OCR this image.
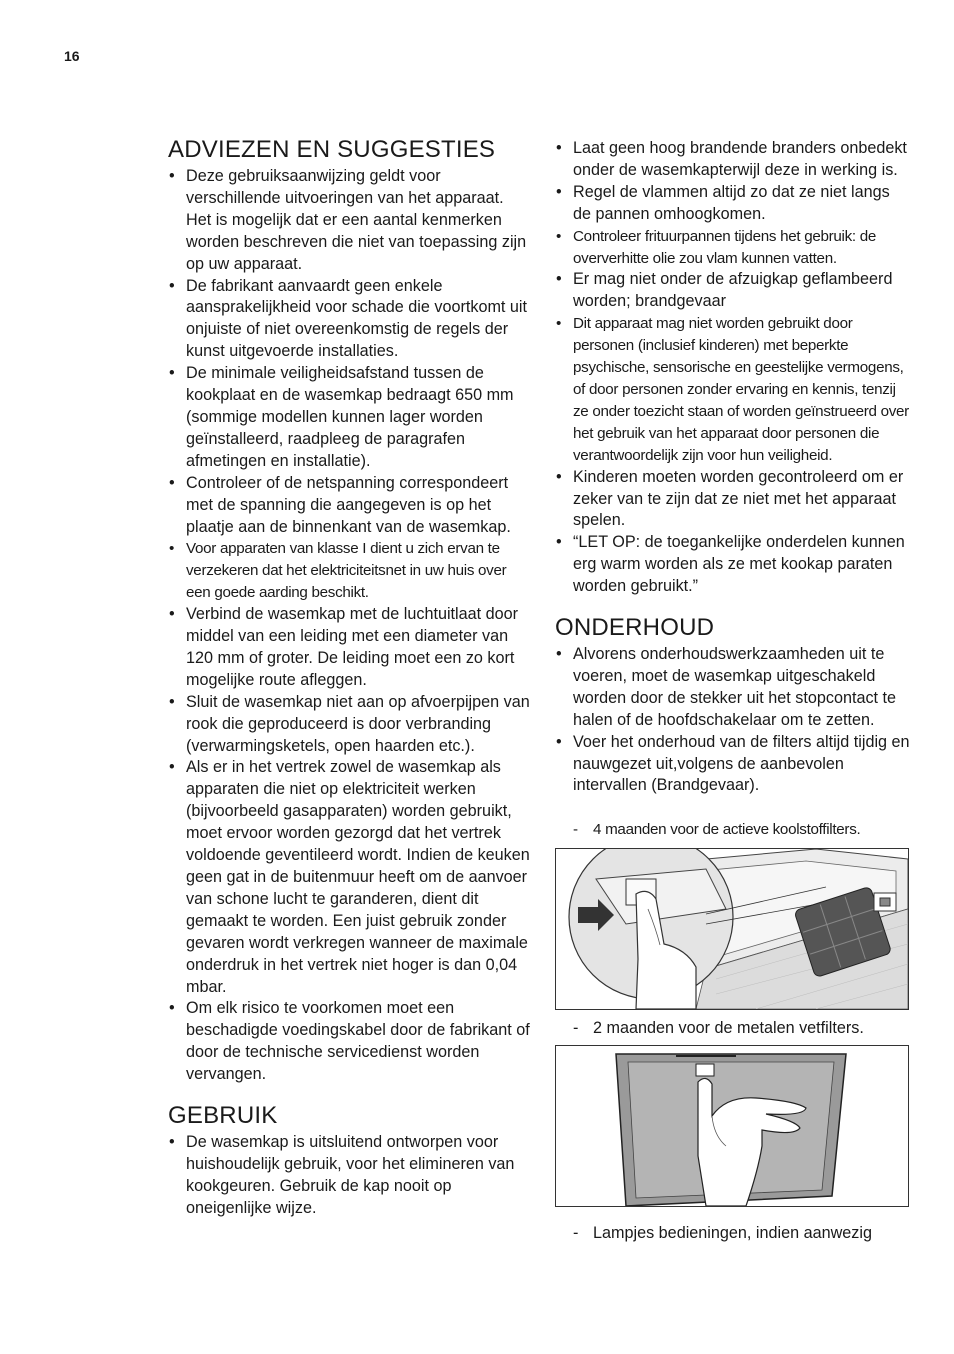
16
ADVIEZEN EN SUGGESTIES
• Deze gebruiksaanwijzing geldt voor verschillende uitvoeringen van het apparaat. Het is mogelijk dat er een aantal kenmerken worden beschreven die niet van toepassing zijn op uw apparaat.
• De fabrikant aanvaardt geen enkele aansprakelijkheid voor schade die voortkomt uit onjuiste of niet overeenkomstig de regels der kunst uitgevoerde installaties.
• De minimale veiligheidsafstand tussen de kookplaat en de wasemkap bedraagt 650 mm (sommige modellen kunnen lager worden geïnstalleerd, raadpleeg de paragrafen afmetingen en installatie).
• Controleer of de netspanning correspondeert met de spanning die aangegeven is op het plaatje aan de binnenkant van de wasemkap.
• Voor apparaten van klasse I dient u zich ervan te verzekeren dat het elektriciteitsnet in uw huis over een goede aarding beschikt.
• Verbind de wasemkap met de luchtuitlaat door middel van een leiding met een diameter van 120 mm of groter. De leiding moet een zo kort mogelijke route afleggen.
• Sluit de wasemkap niet aan op afvoerpijpen van rook die geproduceerd is door verbranding (verwarmingsketels, open haarden etc.).
• Als er in het vertrek zowel de wasemkap als apparaten die niet op elektriciteit werken (bijvoorbeeld gasapparaten) worden gebruikt, moet ervoor worden gezorgd dat het vertrek voldoende geventileerd wordt. Indien de keuken geen gat in de buitenmuur heeft om de aanvoer van schone lucht te garanderen, dient dit gemaakt te worden. Een juist gebruik zonder gevaren wordt verkregen wanneer de maximale onderdruk in het vertrek niet hoger is dan 0,04 mbar.
• Om elk risico te voorkomen moet een beschadigde voedingskabel door de fabrikant of door de technische servicedienst worden vervangen.
GEBRUIK
• De wasemkap is uitsluitend ontworpen voor huishoudelijk gebruik, voor het elimineren van kookgeuren. Gebruik de kap nooit op oneigenlijke wijze.
• Laat geen hoog brandende branders onbedekt onder de wasemkapterwijl deze in werking is.
• Regel de vlammen altijd zo dat ze niet langs de pannen omhoogkomen.
• Controleer frituurpannen tijdens het gebruik: de oververhitte olie zou vlam kunnen vatten.
• Er mag niet onder de afzuigkap geflambeerd worden; brandgevaar
• Dit apparaat mag niet worden gebruikt door personen (inclusief kinderen) met beperkte psychische, sensorische en geestelijke vermogens, of door personen zonder ervaring en kennis, tenzij ze onder toezicht staan of worden geïnstrueerd over het gebruik van het apparaat door personen die verantwoordelijk zijn voor hun veiligheid.
• Kinderen moeten worden gecontroleerd om er zeker van te zijn dat ze niet met het apparaat spelen.
• “LET OP: de toegankelijke onderdelen kunnen erg warm worden als ze met kookap paraten worden gebruikt.”
ONDERHOUD
• Alvorens onderhoudswerkzaamheden uit te voeren, moet de wasemkap uitgeschakeld worden door de stekker uit het stopcontact te halen of de hoofdschakelaar om te zetten.
• Voer het onderhoud van de filters altijd tijdig en nauwgezet uit,volgens de aanbevolen intervallen (Brandgevaar).

- 4 maanden voor de actieve koolstoffilters.

- 2 maanden voor de metalen vetfilters.

- Lampjes bedieningen, indien aanwezig
